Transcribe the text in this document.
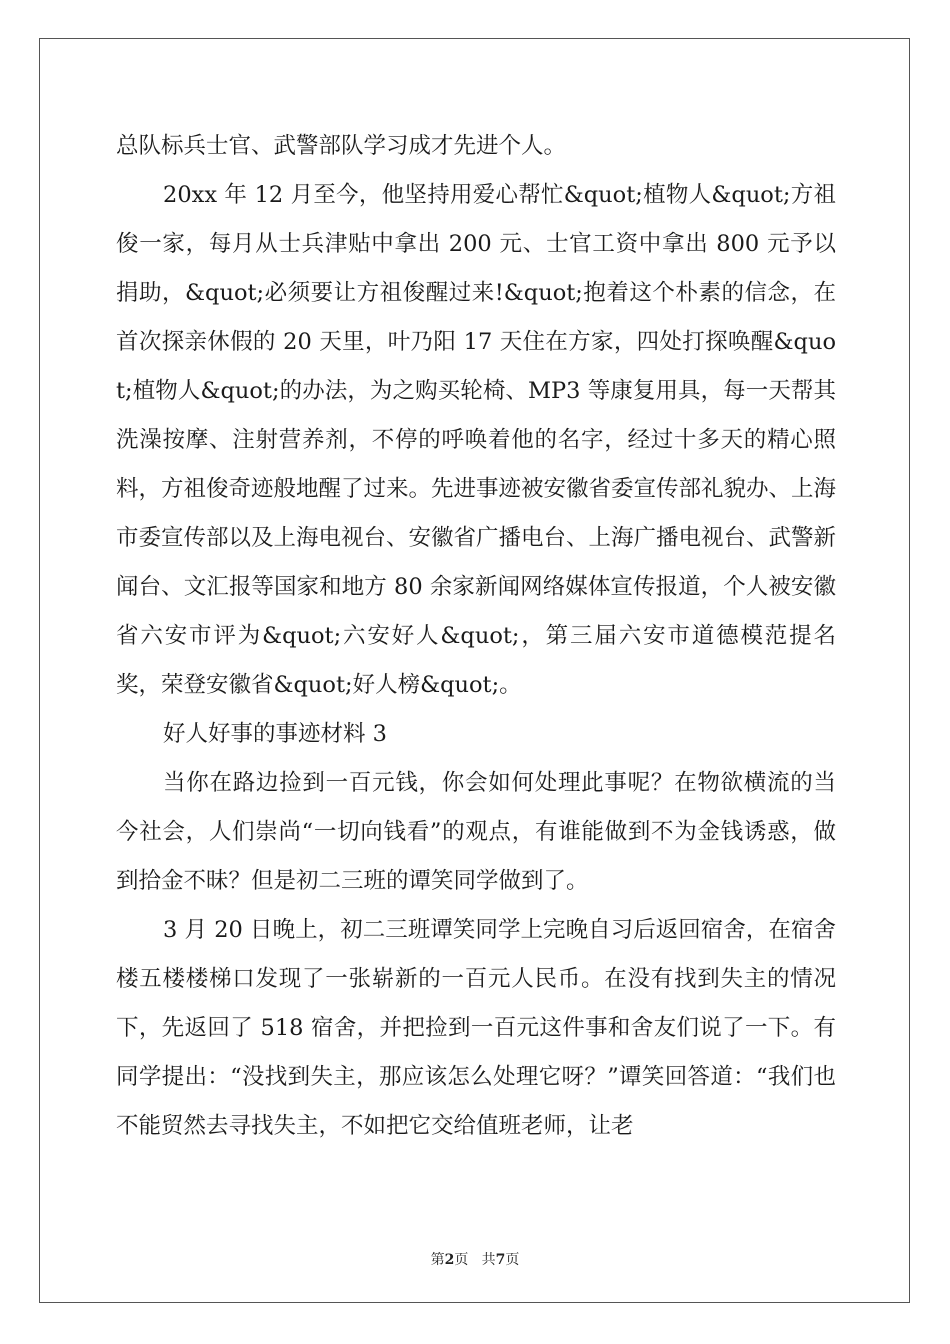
总队标兵士官、武警部队学习成才先进个人。

20xx 年 12 月至今，他坚持用爱心帮忙&quot;植物人&quot;方祖俊一家，每月从士兵津贴中拿出 200 元、士官工资中拿出 800 元予以捐助，&quot;必须要让方祖俊醒过来!&quot;抱着这个朴素的信念，在首次探亲休假的 20 天里，叶乃阳 17 天住在方家，四处打探唤醒&quot;植物人&quot;的办法，为之购买轮椅、MP3 等康复用具，每一天帮其洗澡按摩、注射营养剂，不停的呼唤着他的名字，经过十多天的精心照料，方祖俊奇迹般地醒了过来。先进事迹被安徽省委宣传部礼貌办、上海市委宣传部以及上海电视台、安徽省广播电台、上海广播电视台、武警新闻台、文汇报等国家和地方 80 余家新闻网络媒体宣传报道，个人被安徽省六安市评为&quot;六安好人&quot;，第三届六安市道德模范提名奖，荣登安徽省&quot;好人榜&quot;。

好人好事的事迹材料 3

当你在路边捡到一百元钱，你会如何处理此事呢？在物欲横流的当今社会，人们崇尚“一切向钱看”的观点，有谁能做到不为金钱诱惑，做到拾金不昧？但是初二三班的谭笑同学做到了。

3 月 20 日晚上，初二三班谭笑同学上完晚自习后返回宿舍，在宿舍楼五楼楼梯口发现了一张崭新的一百元人民币。在没有找到失主的情况下，先返回了 518 宿舍，并把捡到一百元这件事和舍友们说了一下。有同学提出：“没找到失主，那应该怎么处理它呀？”谭笑回答道：“我们也不能贸然去寻找失主，不如把它交给值班老师，让老

第2页 共7页
